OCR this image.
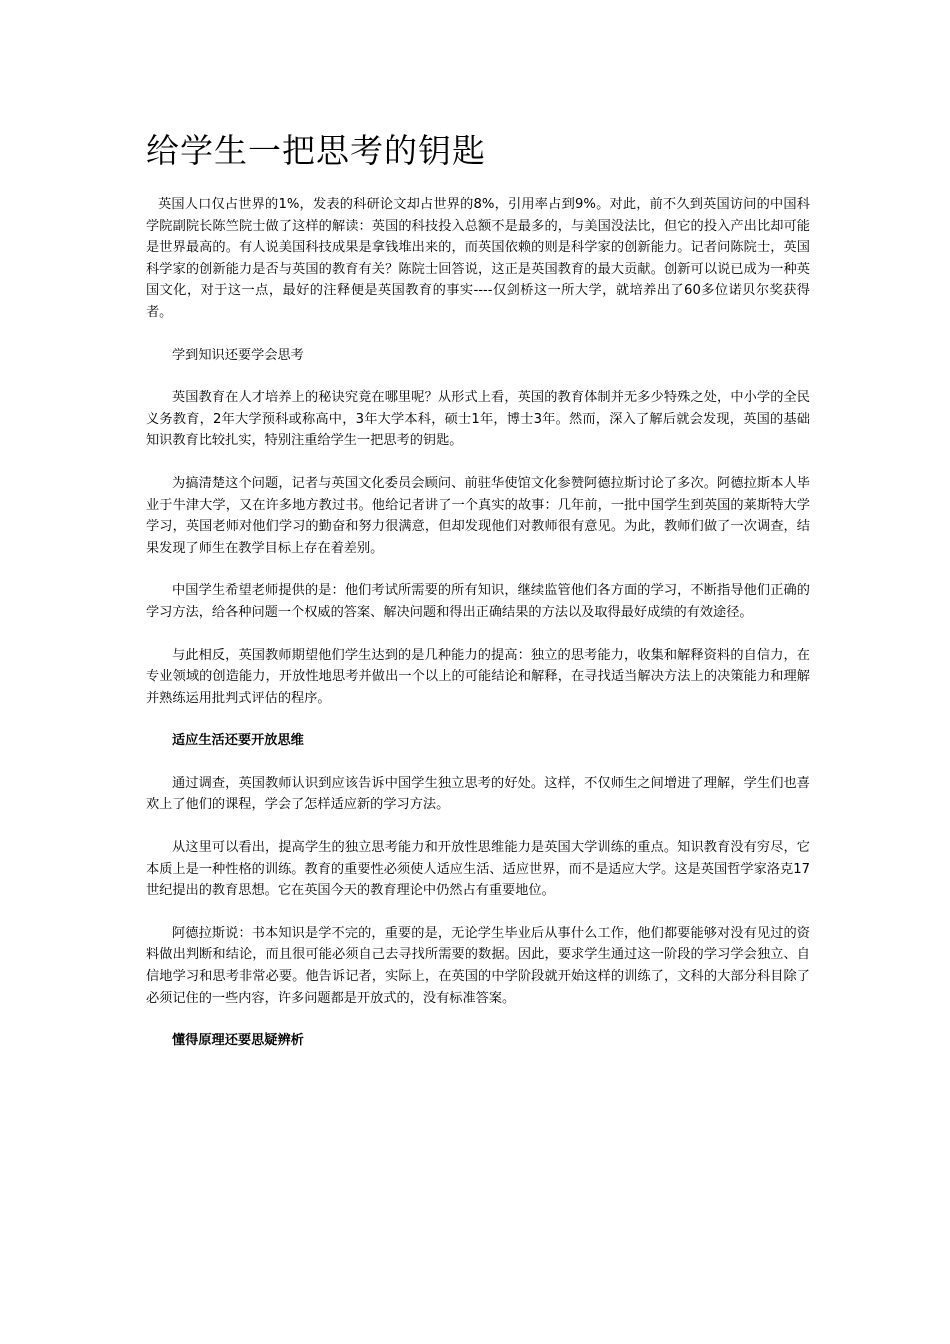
给学生一把思考的钥匙

英国人口仅占世界的1%，发表的科研论文却占世界的8%，引用率占到9%。对此，前不久到英国访问的中国科学院副院长陈竺院士做了这样的解读：英国的科技投入总额不是最多的，与美国没法比，但它的投入产出比却可能是世界最高的。有人说美国科技成果是拿钱堆出来的，而英国依赖的则是科学家的创新能力。记者问陈院士，英国科学家的创新能力是否与英国的教育有关？陈院士回答说，这正是英国教育的最大贡献。创新可以说已成为一种英国文化，对于这一点，最好的注释便是英国教育的事实----仅剑桥这一所大学，就培养出了60多位诺贝尔奖获得者。

学到知识还要学会思考

英国教育在人才培养上的秘诀究竟在哪里呢？从形式上看，英国的教育体制并无多少特殊之处，中小学的全民义务教育，2年大学预科或称高中，3年大学本科，硕士1年，博士3年。然而，深入了解后就会发现，英国的基础知识教育比较扎实，特别注重给学生一把思考的钥匙。

为搞清楚这个问题，记者与英国文化委员会顾问、前驻华使馆文化参赞阿德拉斯讨论了多次。阿德拉斯本人毕业于牛津大学，又在许多地方教过书。他给记者讲了一个真实的故事：几年前，一批中国学生到英国的莱斯特大学学习，英国老师对他们学习的勤奋和努力很满意，但却发现他们对教师很有意见。为此，教师们做了一次调查，结果发现了师生在教学目标上存在着差别。

中国学生希望老师提供的是：他们考试所需要的所有知识，继续监管他们各方面的学习，不断指导他们正确的学习方法，给各种问题一个权威的答案、解决问题和得出正确结果的方法以及取得最好成绩的有效途径。

与此相反，英国教师期望他们学生达到的是几种能力的提高：独立的思考能力，收集和解释资料的自信力，在专业领域的创造能力，开放性地思考并做出一个以上的可能结论和解释，在寻找适当解决方法上的决策能力和理解并熟练运用批判式评估的程序。

适应生活还要开放思维

通过调查，英国教师认识到应该告诉中国学生独立思考的好处。这样，不仅师生之间增进了理解，学生们也喜欢上了他们的课程，学会了怎样适应新的学习方法。

从这里可以看出，提高学生的独立思考能力和开放性思维能力是英国大学训练的重点。知识教育没有穷尽，它本质上是一种性格的训练。教育的重要性必须使人适应生活、适应世界，而不是适应大学。这是英国哲学家洛克17世纪提出的教育思想。它在英国今天的教育理论中仍然占有重要地位。

阿德拉斯说：书本知识是学不完的，重要的是，无论学生毕业后从事什么工作，他们都要能够对没有见过的资料做出判断和结论，而且很可能必须自己去寻找所需要的数据。因此，要求学生通过这一阶段的学习学会独立、自信地学习和思考非常必要。他告诉记者，实际上，在英国的中学阶段就开始这样的训练了，文科的大部分科目除了必须记住的一些内容，许多问题都是开放式的，没有标准答案。

懂得原理还要思疑辨析
